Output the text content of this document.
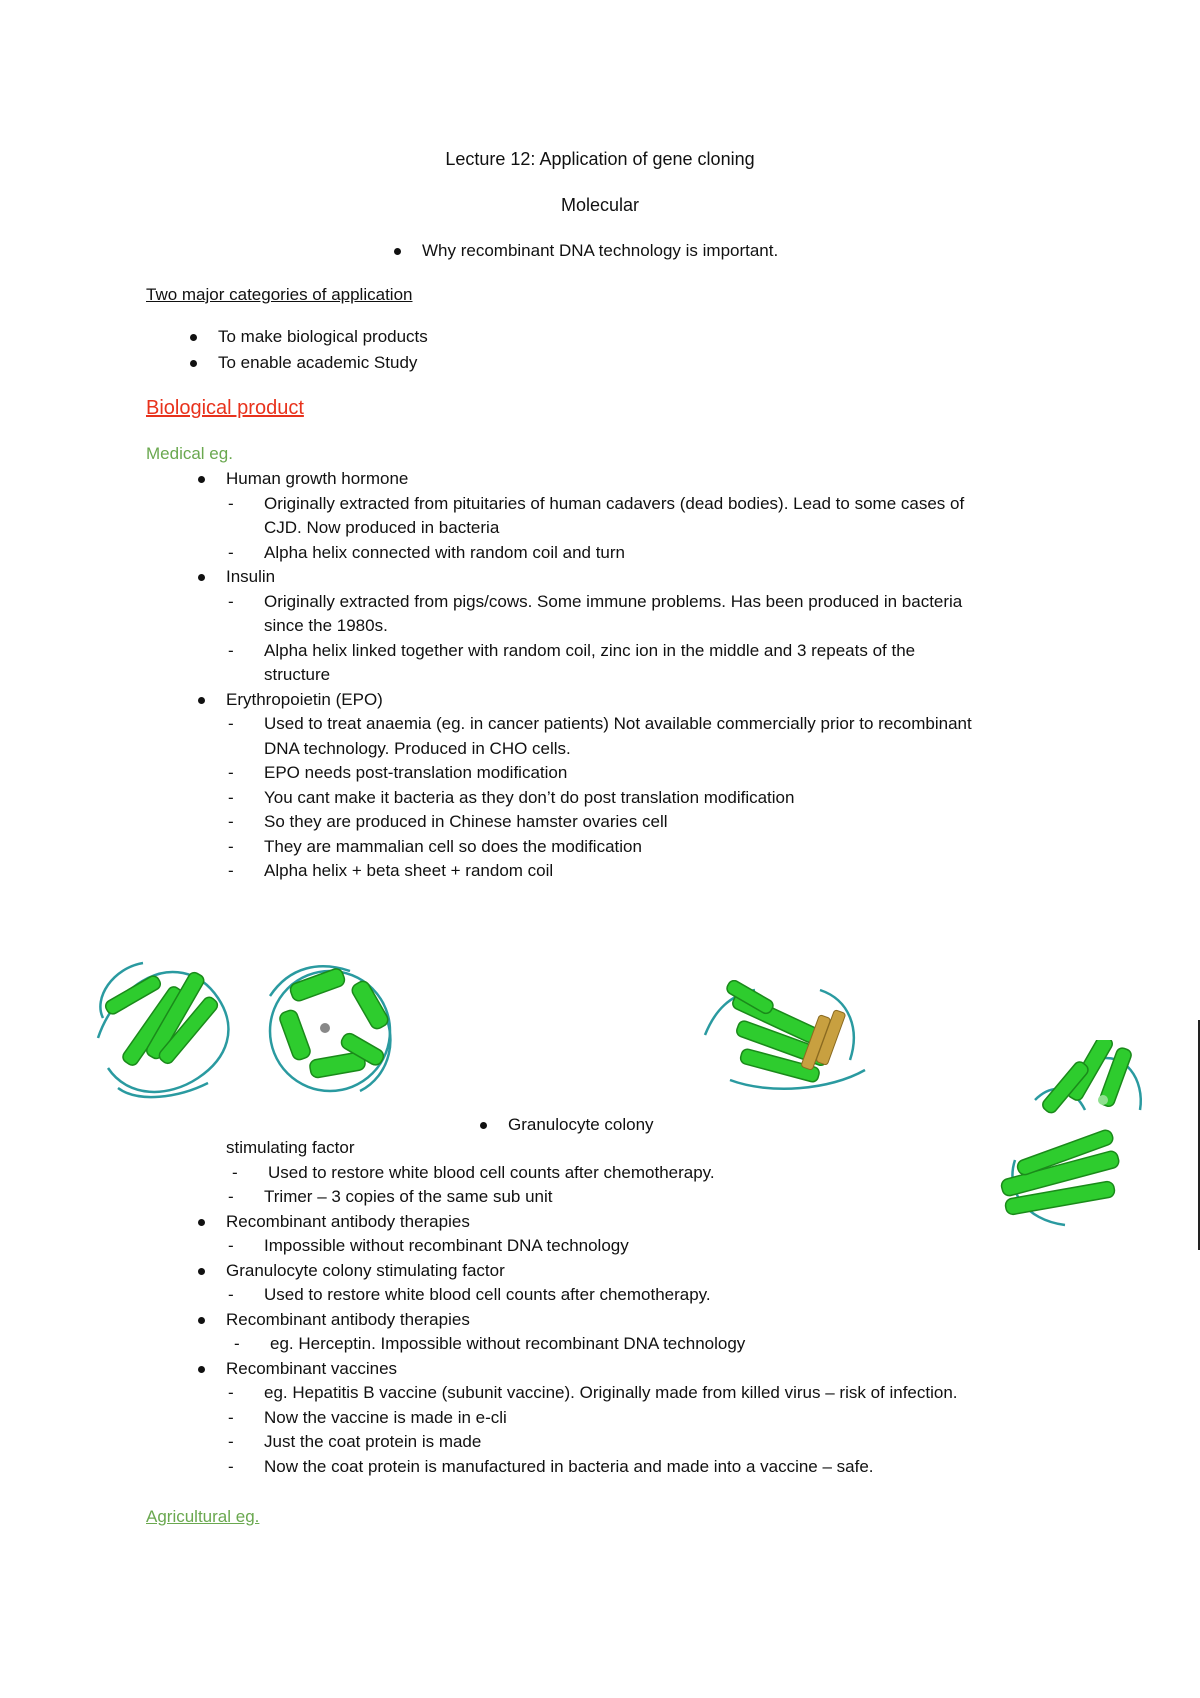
Lecture 12: Application of gene cloning
Molecular
Why recombinant DNA technology is important.
Two major categories of application
To make biological products
To enable academic Study
Biological product
Medical eg.
Human growth hormone
- Originally extracted from pituitaries of human cadavers (dead bodies). Lead to some cases of
CJD. Now produced in bacteria
- Alpha helix connected with random coil and turn
Insulin
- Originally extracted from pigs/cows. Some immune problems. Has been produced in bacteria
since the 1980s.
- Alpha helix linked together with random coil, zinc ion in the middle and 3 repeats of the
structure
Erythropoietin (EPO)
- Used to treat anaemia (eg. in cancer patients) Not available commercially prior to recombinant
DNA technology. Produced in CHO cells.
- EPO needs post-translation modification
- You cant make it bacteria as they don’t do post translation modification
- So they are produced in Chinese hamster ovaries cell
- They are mammalian cell so does the modification
- Alpha helix + beta sheet + random coil
Granulocyte colony
stimulating factor
- Used to restore white blood cell counts after chemotherapy.
- Trimer – 3 copies of the same sub unit
Recombinant antibody therapies
- Impossible without recombinant DNA technology
Granulocyte colony stimulating factor
- Used to restore white blood cell counts after chemotherapy.
Recombinant antibody therapies
- eg. Herceptin. Impossible without recombinant DNA technology
Recombinant vaccines
- eg. Hepatitis B vaccine (subunit vaccine). Originally made from killed virus – risk of infection.
- Now the vaccine is made in e-cli
- Just the coat protein is made
- Now the coat protein is manufactured in bacteria and made into a vaccine – safe.
Agricultural eg.
